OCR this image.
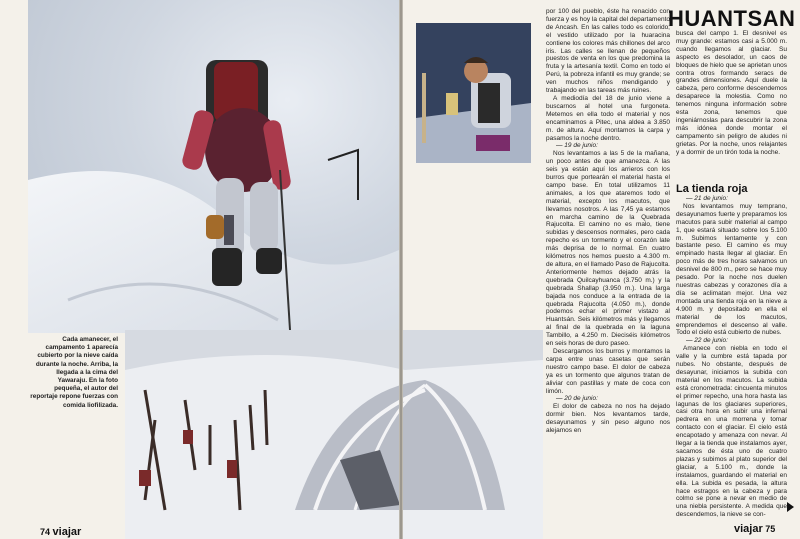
Cada amanecer, el campamento 1 aparecía cubierto por la nieve caída durante la noche. Arriba, la llegada a la cima del Yawaraju. En la foto pequeña, el autor del reportaje repone fuerzas con comida liofilizada.

HUANTSAN

por 100 del pueblo, éste ha renacido con fuerza y es hoy la capital del departamento de Ancash. En las calles todo es colorido; el vestido utilizado por la huaracina contiene los colores más chillones del arco iris. Las calles se llenan de pequeños puestos de venta en los que predomina la fruta y la artesanía textil. Como en todo el Perú, la pobreza infantil es muy grande; se ven muchos niños mendigando y trabajando en las tareas más ruines.

A mediodía del 18 de junio viene a buscarnos al hotel una furgoneta. Metemos en ella todo el material y nos encaminamos a Pitec, una aldea a 3.850 m. de altura. Aquí montamos la carpa y pasamos la noche dentro.

— 19 de junio:

Nos levantamos a las 5 de la mañana, un poco antes de que amanezca. A las seis ya están aquí los arrieros con los burros que portearán el material hasta el campo base. En total utilizamos 11 animales, a los que ataremos todo el material, excepto los macutos, que llevamos nosotros. A las 7,45 ya estamos en marcha camino de la Quebrada Rajucolta. El camino no es malo, tiene subidas y descensos normales, pero cada repecho es un tormento y el corazón late más deprisa de lo normal. En cuatro kilómetros nos hemos puesto a 4.300 m. de altura, en el llamado Paso de Rajucolta. Anteriormente hemos dejado atrás la quebrada Quilcayhuanca (3.750 m.) y la quebrada Shallap (3.950 m.). Una larga bajada nos conduce a la entrada de la quebrada Rajucolta (4.050 m.), donde podemos echar el primer vistazo al Huantsán. Seis kilómetros más y llegamos al final de la quebrada en la laguna Tambillo, a 4.250 m. Dieciséis kilómetros en seis horas de duro paseo.

Descargamos los burros y montamos la carpa entre unas casetas que serán nuestro campo base. El dolor de cabeza ya es un tormento que algunos tratan de aliviar con pastillas y mate de coca con limón.

— 20 de junio:

El dolor de cabeza no nos ha dejado dormir bien. Nos levantamos tarde, desayunamos y sin peso alguno nos alejamos en

busca del campo 1. El desnivel es muy grande: estamos casi a 5.000 m. cuando llegamos al glaciar. Su aspecto es desolador, un caos de bloques de hielo que se aprietan unos contra otros formando seracs de grandes dimensiones. Aquí duele la cabeza, pero conforme descendemos desaparece la molestia. Como no tenemos ninguna información sobre esta zona, tenemos que ingeniárnoslas para descubrir la zona más idónea donde montar el campamento sin peligro de aludes ni grietas. Por la noche, unos relajantes y a dormir de un tirón toda la noche.

La tienda roja

— 21 de junio:

Nos levantamos muy temprano, desayunamos fuerte y preparamos los macutos para subir material al campo 1, que estará situado sobre los 5.100 m. Subimos lentamente y con bastante peso. El camino es muy empinado hasta llegar al glaciar. En poco más de tres horas salvamos un desnivel de 800 m., pero se hace muy pesado. Por la noche nos duelen nuestras cabezas y corazones día a día se aclimatan mejor. Una vez montada una tienda roja en la nieve a 4.900 m. y depositado en ella el material de los macutos, emprendemos el descenso al valle. Todo el cielo está cubierto de nubes.

— 22 de junio:

Amanece con niebla en todo el valle y la cumbre está tapada por nubes. No obstante, después de desayunar, iniciamos la subida con material en los macutos. La subida está cronometrada: cincuenta minutos el primer repecho, una hora hasta las lagunas de los glaciares superiores, casi otra hora en subir una infernal pedrera en una morrena y tomar contacto con el glaciar. El cielo está encapotado y amenaza con nevar. Al llegar a la tienda que instalamos ayer, sacamos de ésta uno de cuatro plazas y subimos al plato superior del glaciar, a 5.100 m., donde la instalamos, guardando el material en ella. La subida es pesada, la altura hace estragos en la cabeza y para colmo se pone a nevar en medio de una niebla persistente. A medida que descendemos, la nieve se con-

74 viajar	viajar 75
